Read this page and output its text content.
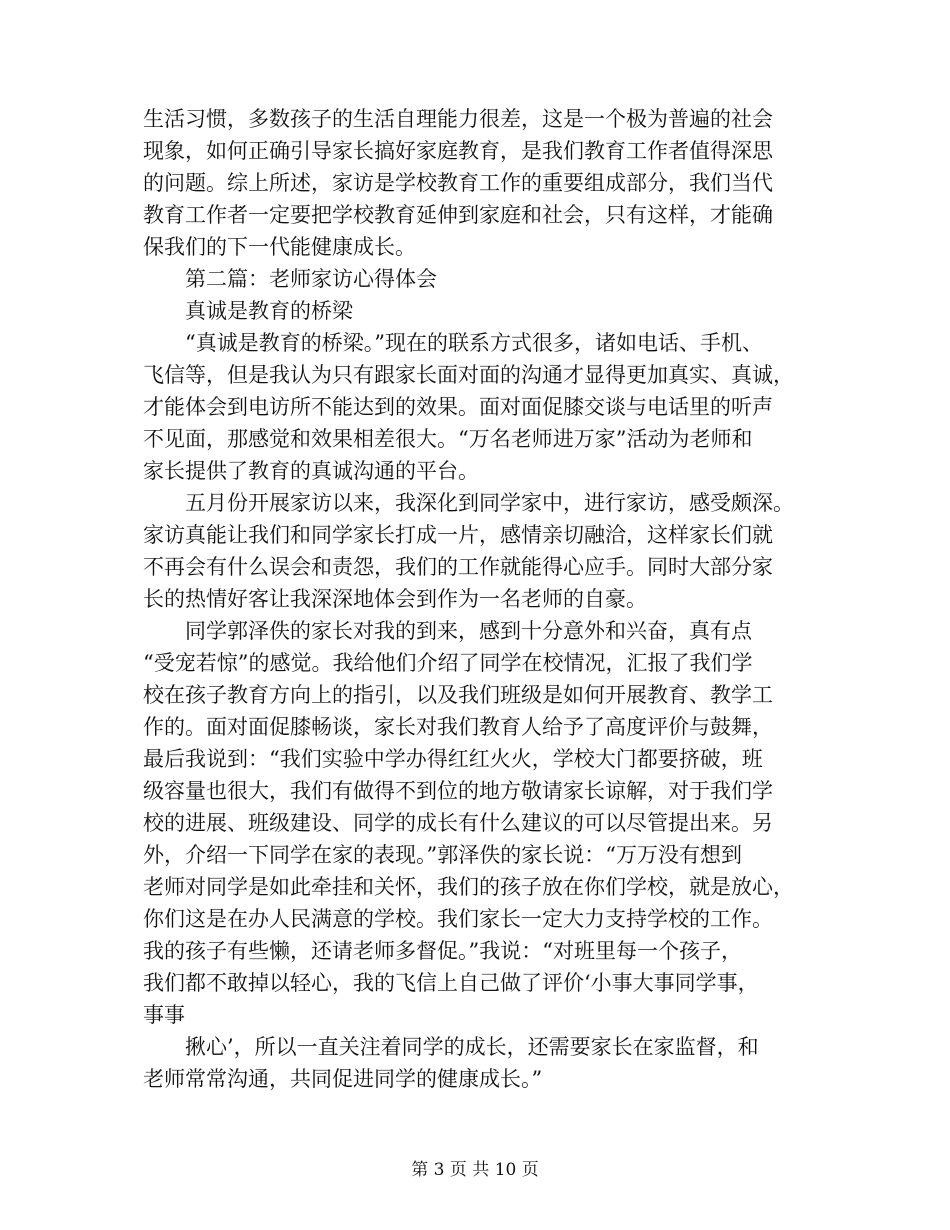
生活习惯，多数孩子的生活自理能力很差，这是一个极为普遍的社会
现象，如何正确引导家长搞好家庭教育，是我们教育工作者值得深思
的问题。综上所述，家访是学校教育工作的重要组成部分，我们当代
教育工作者一定要把学校教育延伸到家庭和社会，只有这样，才能确
保我们的下一代能健康成长。
第二篇：老师家访心得体会
真诚是教育的桥梁
“真诚是教育的桥梁。”现在的联系方式很多，诸如电话、手机、
飞信等，但是我认为只有跟家长面对面的沟通才显得更加真实、真诚，
才能体会到电访所不能达到的效果。面对面促膝交谈与电话里的听声
不见面，那感觉和效果相差很大。“万名老师进万家”活动为老师和
家长提供了教育的真诚沟通的平台。
五月份开展家访以来，我深化到同学家中，进行家访，感受颇深。
家访真能让我们和同学家长打成一片，感情亲切融洽，这样家长们就
不再会有什么误会和责怨，我们的工作就能得心应手。同时大部分家
长的热情好客让我深深地体会到作为一名老师的自豪。
同学郭泽佚的家长对我的到来，感到十分意外和兴奋，真有点
“受宠若惊”的感觉。我给他们介绍了同学在校情况，汇报了我们学
校在孩子教育方向上的指引，以及我们班级是如何开展教育、教学工
作的。面对面促膝畅谈，家长对我们教育人给予了高度评价与鼓舞，
最后我说到：“我们实验中学办得红红火火，学校大门都要挤破，班
级容量也很大，我们有做得不到位的地方敬请家长谅解，对于我们学
校的进展、班级建设、同学的成长有什么建议的可以尽管提出来。另
外，介绍一下同学在家的表现。”郭泽佚的家长说：“万万没有想到
老师对同学是如此牵挂和关怀，我们的孩子放在你们学校，就是放心，
你们这是在办人民满意的学校。我们家长一定大力支持学校的工作。
我的孩子有些懒，还请老师多督促。”我说：“对班里每一个孩子，
我们都不敢掉以轻心，我的飞信上自己做了评价‘小事大事同学事，
事事
揪心’，所以一直关注着同学的成长，还需要家长在家监督，和
老师常常沟通，共同促进同学的健康成长。”
第 3 页 共 10 页
